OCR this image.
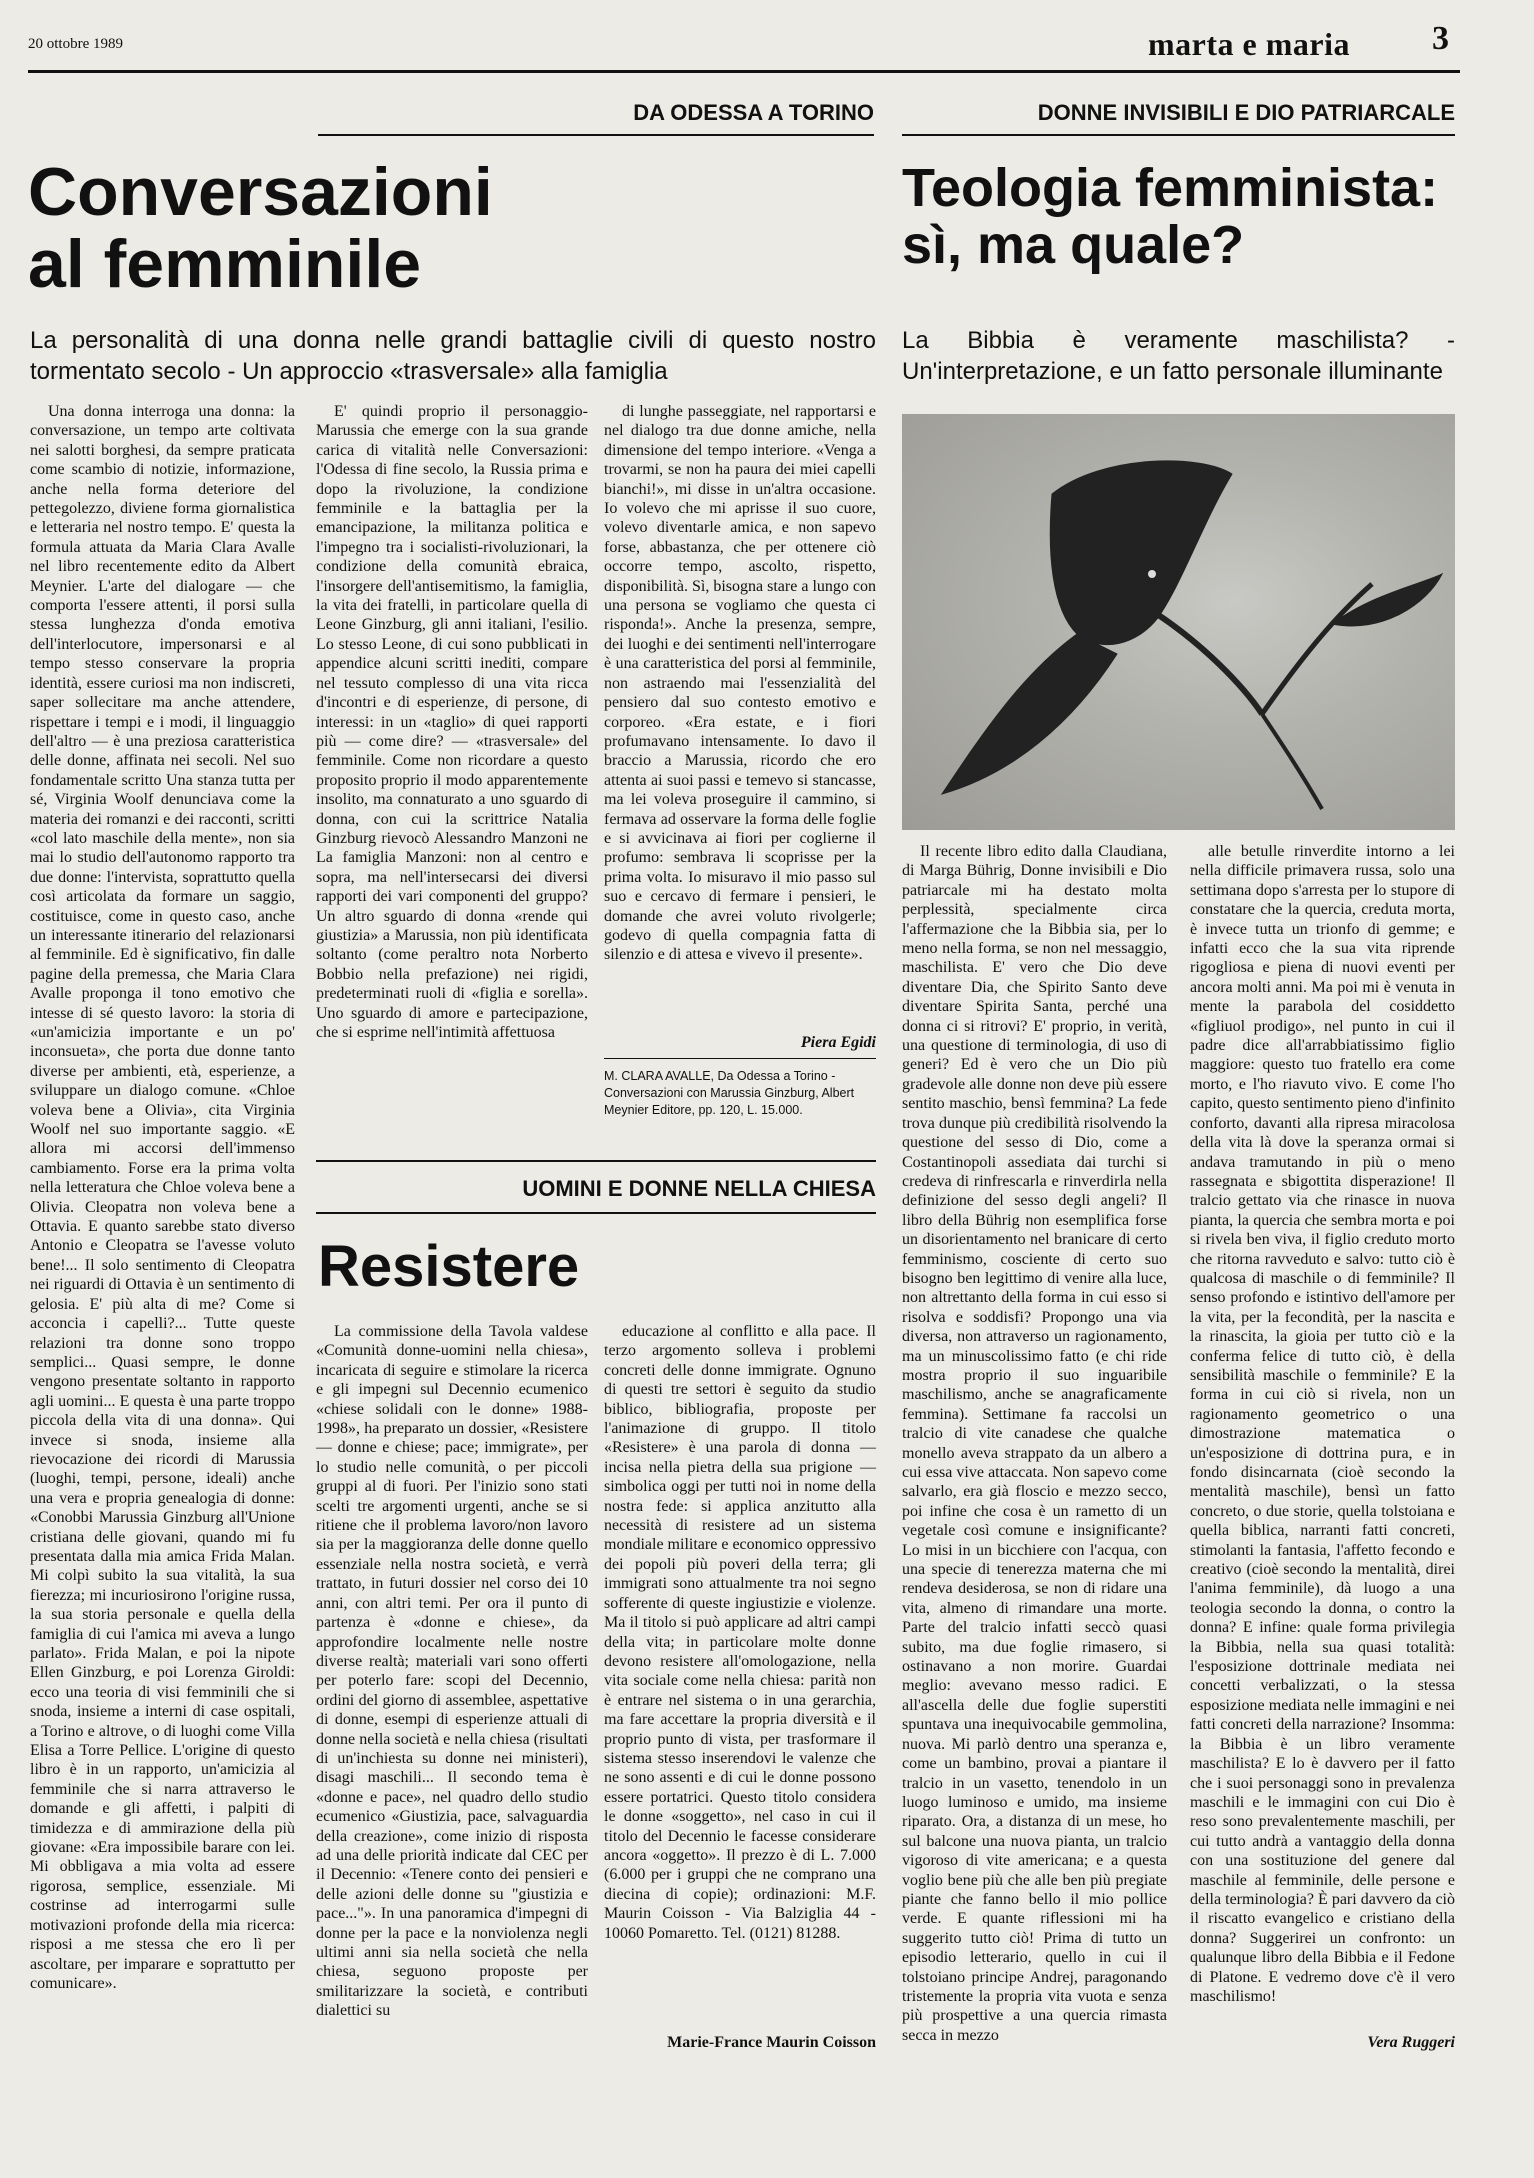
20 ottobre 1989	marta e maria 3
DA ODESSA A TORINO
Conversazioni
al femminile
La personalità di una donna nelle grandi battaglie civili di questo nostro tormentato secolo - Un approccio «trasversale» alla famiglia

Una donna interroga una donna: la conversazione, un tempo arte coltivata nei salotti borghesi, da sempre praticata come scambio di notizie, informazione, anche nella forma deteriore del pettegolezzo, diviene forma giornalistica e letteraria nel nostro tempo. E' questa la formula attuata da Maria Clara Avalle nel libro recentemente edito da Albert Meynier. L'arte del dialogare — che comporta l'essere attenti, il porsi sulla stessa lunghezza d'onda emotiva dell'interlocutore, impersonarsi e al tempo stesso conservare la propria identità, essere curiosi ma non indiscreti, saper sollecitare ma anche attendere, rispettare i tempi e i modi, il linguaggio dell'altro — è una preziosa caratteristica delle donne, affinata nei secoli. Nel suo fondamentale scritto Una stanza tutta per sé, Virginia Woolf denunciava come la materia dei romanzi e dei racconti, scritti «col lato maschile della mente», non sia mai lo studio dell'autonomo rapporto tra due donne: l'intervista, soprattutto quella così articolata da formare un saggio, costituisce, come in questo caso, anche un interessante itinerario del relazionarsi al femminile. Ed è significativo, fin dalle pagine della premessa, che Maria Clara Avalle proponga il tono emotivo che intesse di sé questo lavoro: la storia di «un'amicizia importante e un po' inconsueta», che porta due donne tanto diverse per ambienti, età, esperienze, a sviluppare un dialogo comune. «Chloe voleva bene a Olivia», cita Virginia Woolf nel suo importante saggio. «E allora mi accorsi dell'immenso cambiamento. Forse era la prima volta nella letteratura che Chloe voleva bene a Olivia. Cleopatra non voleva bene a Ottavia. E quanto sarebbe stato diverso Antonio e Cleopatra se l'avesse voluto bene!... Il solo sentimento di Cleopatra nei riguardi di Ottavia è un sentimento di gelosia. E' più alta di me? Come si acconcia i capelli?... Tutte queste relazioni tra donne sono troppo semplici... Quasi sempre, le donne vengono presentate soltanto in rapporto agli uomini... E questa è una parte troppo piccola della vita di una donna». Qui invece si snoda, insieme alla rievocazione dei ricordi di Marussia (luoghi, tempi, persone, ideali) anche una vera e propria genealogia di donne: «Conobbi Marussia Ginzburg all'Unione cristiana delle giovani, quando mi fu presentata dalla mia amica Frida Malan. Mi colpì subito la sua vitalità, la sua fierezza; mi incuriosirono l'origine russa, la sua storia personale e quella della famiglia di cui l'amica mi aveva a lungo parlato». Frida Malan, e poi la nipote Ellen Ginzburg, e poi Lorenza Giroldi: ecco una teoria di visi femminili che si snoda, insieme a interni di case ospitali, a Torino e altrove, o di luoghi come Villa Elisa a Torre Pellice. L'origine di questo libro è in un rapporto, un'amicizia al femminile che si narra attraverso le domande e gli affetti, i palpiti di timidezza e di ammirazione della più giovane: «Era impossibile barare con lei. Mi obbligava a mia volta ad essere rigorosa, semplice, essenziale. Mi costrinse ad interrogarmi sulle motivazioni profonde della mia ricerca: risposi a me stessa che ero lì per ascoltare, per imparare e soprattutto per comunicare».

E' quindi proprio il personaggio-Marussia che emerge con la sua grande carica di vitalità nelle Conversazioni: l'Odessa di fine secolo, la Russia prima e dopo la rivoluzione, la condizione femminile e la battaglia per la emancipazione, la militanza politica e l'impegno tra i socialisti-rivoluzionari, la condizione della comunità ebraica, l'insorgere dell'antisemitismo, la famiglia, la vita dei fratelli, in particolare quella di Leone Ginzburg, gli anni italiani, l'esilio. Lo stesso Leone, di cui sono pubblicati in appendice alcuni scritti inediti, compare nel tessuto complesso di una vita ricca d'incontri e di esperienze, di persone, di interessi: in un «taglio» di quei rapporti più — come dire? — «trasversale» del femminile. Come non ricordare a questo proposito proprio il modo apparentemente insolito, ma connaturato a uno sguardo di donna, con cui la scrittrice Natalia Ginzburg rievocò Alessandro Manzoni ne La famiglia Manzoni: non al centro e sopra, ma nell'intersecarsi dei diversi rapporti dei vari componenti del gruppo? Un altro sguardo di donna «rende qui giustizia» a Marussia, non più identificata soltanto (come peraltro nota Norberto Bobbio nella prefazione) nei rigidi, predeterminati ruoli di «figlia e sorella». Uno sguardo di amore e partecipazione, che si esprime nell'intimità affettuosa

di lunghe passeggiate, nel rapportarsi e nel dialogo tra due donne amiche, nella dimensione del tempo interiore. «Venga a trovarmi, se non ha paura dei miei capelli bianchi!», mi disse in un'altra occasione. Io volevo che mi aprisse il suo cuore, volevo diventarle amica, e non sapevo forse, abbastanza, che per ottenere ciò occorre tempo, ascolto, rispetto, disponibilità. Sì, bisogna stare a lungo con una persona se vogliamo che questa ci risponda!». Anche la presenza, sempre, dei luoghi e dei sentimenti nell'interrogare è una caratteristica del porsi al femminile, non astraendo mai l'essenzialità del pensiero dal suo contesto emotivo e corporeo. «Era estate, e i fiori profumavano intensamente. Io davo il braccio a Marussia, ricordo che ero attenta ai suoi passi e temevo si stancasse, ma lei voleva proseguire il cammino, si fermava ad osservare la forma delle foglie e si avvicinava ai fiori per coglierne il profumo: sembrava li scoprisse per la prima volta. Io misuravo il mio passo sul suo e cercavo di fermare i pensieri, le domande che avrei voluto rivolgerle; godevo di quella compagnia fatta di silenzio e di attesa e vivevo il presente».

Piera Egidi
M. CLARA AVALLE, Da Odessa a Torino - Conversazioni con Marussia Ginzburg, Albert Meynier Editore, pp. 120, L. 15.000.
UOMINI E DONNE NELLA CHIESA
Resistere

La commissione della Tavola valdese «Comunità donne-uomini nella chiesa», incaricata di seguire e stimolare la ricerca e gli impegni sul Decennio ecumenico «chiese solidali con le donne» 1988-1998», ha preparato un dossier, «Resistere — donne e chiese; pace; immigrate», per lo studio nelle comunità, o per piccoli gruppi al di fuori. Per l'inizio sono stati scelti tre argomenti urgenti, anche se si ritiene che il problema lavoro/non lavoro sia per la maggioranza delle donne quello essenziale nella nostra società, e verrà trattato, in futuri dossier nel corso dei 10 anni, con altri temi. Per ora il punto di partenza è «donne e chiese», da approfondire localmente nelle nostre diverse realtà; materiali vari sono offerti per poterlo fare: scopi del Decennio, ordini del giorno di assemblee, aspettative di donne, esempi di esperienze attuali di donne nella società e nella chiesa (risultati di un'inchiesta su donne nei ministeri), disagi maschili... Il secondo tema è «donne e pace», nel quadro dello studio ecumenico «Giustizia, pace, salvaguardia della creazione», come inizio di risposta ad una delle priorità indicate dal CEC per il Decennio: «Tenere conto dei pensieri e delle azioni delle donne su "giustizia e pace..."». In una panoramica d'impegni di donne per la pace e la nonviolenza negli ultimi anni sia nella società che nella chiesa, seguono proposte per smilitarizzare la società, e contributi dialettici su

educazione al conflitto e alla pace. Il terzo argomento solleva i problemi concreti delle donne immigrate. Ognuno di questi tre settori è seguito da studio biblico, bibliografia, proposte per l'animazione di gruppo. Il titolo «Resistere» è una parola di donna — incisa nella pietra della sua prigione — simbolica oggi per tutti noi in nome della nostra fede: si applica anzitutto alla necessità di resistere ad un sistema mondiale militare e economico oppressivo dei popoli più poveri della terra; gli immigrati sono attualmente tra noi segno sofferente di queste ingiustizie e violenze. Ma il titolo si può applicare ad altri campi della vita; in particolare molte donne devono resistere all'omologazione, nella vita sociale come nella chiesa: parità non è entrare nel sistema o in una gerarchia, ma fare accettare la propria diversità e il proprio punto di vista, per trasformare il sistema stesso inserendovi le valenze che ne sono assenti e di cui le donne possono essere portatrici. Questo titolo considera le donne «soggetto», nel caso in cui il titolo del Decennio le facesse considerare ancora «oggetto». Il prezzo è di L. 7.000 (6.000 per i gruppi che ne comprano una diecina di copie); ordinazioni: M.F. Maurin Coisson - Via Balziglia 44 - 10060 Pomaretto. Tel. (0121) 81288.

Marie-France Maurin Coisson
DONNE INVISIBILI E DIO PATRIARCALE
Teologia femminista:
sì, ma quale?
La Bibbia è veramente maschilista? - Un'interpretazione, e un fatto personale illuminante

Il recente libro edito dalla Claudiana, di Marga Bührig, Donne invisibili e Dio patriarcale mi ha destato molta perplessità, specialmente circa l'affermazione che la Bibbia sia, per lo meno nella forma, se non nel messaggio, maschilista. E' vero che Dio deve diventare Dia, che Spirito Santo deve diventare Spirita Santa, perché una donna ci si ritrovi? E' proprio, in verità, una questione di terminologia, di uso di generi? Ed è vero che un Dio più gradevole alle donne non deve più essere sentito maschio, bensì femmina? La fede trova dunque più credibilità risolvendo la questione del sesso di Dio, come a Costantinopoli assediata dai turchi si credeva di rinfrescarla e rinverdirla nella definizione del sesso degli angeli? Il libro della Bührig non esemplifica forse un disorientamento nel branicare di certo femminismo, cosciente di certo suo bisogno ben legittimo di venire alla luce, non altrettanto della forma in cui esso si risolva e soddisfi? Propongo una via diversa, non attraverso un ragionamento, ma un minuscolissimo fatto (e chi ride mostra proprio il suo inguaribile maschilismo, anche se anagraficamente femmina). Settimane fa raccolsi un tralcio di vite canadese che qualche monello aveva strappato da un albero a cui essa vive attaccata. Non sapevo come salvarlo, era già floscio e mezzo secco, poi infine che cosa è un rametto di un vegetale così comune e insignificante? Lo misi in un bicchiere con l'acqua, con una specie di tenerezza materna che mi rendeva desiderosa, se non di ridare una vita, almeno di rimandare una morte. Parte del tralcio infatti seccò quasi subito, ma due foglie rimasero, si ostinavano a non morire. Guardai meglio: avevano messo radici. E all'ascella delle due foglie superstiti spuntava una inequivocabile gemmolina, nuova. Mi parlò dentro una speranza e, come un bambino, provai a piantare il tralcio in un vasetto, tenendolo in un luogo luminoso e umido, ma insieme riparato. Ora, a distanza di un mese, ho sul balcone una nuova pianta, un tralcio vigoroso di vite americana; e a questa voglio bene più che alle ben più pregiate piante che fanno bello il mio pollice verde. E quante riflessioni mi ha suggerito tutto ciò! Prima di tutto un episodio letterario, quello in cui il tolstoiano principe Andrej, paragonando tristemente la propria vita vuota e senza più prospettive a una quercia rimasta secca in mezzo

alle betulle rinverdite intorno a lei nella difficile primavera russa, solo una settimana dopo s'arresta per lo stupore di constatare che la quercia, creduta morta, è invece tutta un trionfo di gemme; e infatti ecco che la sua vita riprende rigogliosa e piena di nuovi eventi per ancora molti anni. Ma poi mi è venuta in mente la parabola del cosiddetto «figliuol prodigo», nel punto in cui il padre dice all'arrabbiatissimo figlio maggiore: questo tuo fratello era come morto, e l'ho riavuto vivo. E come l'ho capito, questo sentimento pieno d'infinito conforto, davanti alla ripresa miracolosa della vita là dove la speranza ormai si andava tramutando in più o meno rassegnata e sbigottita disperazione! Il tralcio gettato via che rinasce in nuova pianta, la quercia che sembra morta e poi si rivela ben viva, il figlio creduto morto che ritorna ravveduto e salvo: tutto ciò è qualcosa di maschile o di femminile? Il senso profondo e istintivo dell'amore per la vita, per la fecondità, per la nascita e la rinascita, la gioia per tutto ciò e la conferma felice di tutto ciò, è della sensibilità maschile o femminile? E la forma in cui ciò si rivela, non un ragionamento geometrico o una dimostrazione matematica o un'esposizione di dottrina pura, e in fondo disincarnata (cioè secondo la mentalità maschile), bensì un fatto concreto, o due storie, quella tolstoiana e quella biblica, narranti fatti concreti, stimolanti la fantasia, l'affetto fecondo e creativo (cioè secondo la mentalità, direi l'anima femminile), dà luogo a una teologia secondo la donna, o contro la donna? E infine: quale forma privilegia la Bibbia, nella sua quasi totalità: l'esposizione dottrinale mediata nei concetti verbalizzati, o la stessa esposizione mediata nelle immagini e nei fatti concreti della narrazione? Insomma: la Bibbia è un libro veramente maschilista? E lo è davvero per il fatto che i suoi personaggi sono in prevalenza maschili e le immagini con cui Dio è reso sono prevalentemente maschili, per cui tutto andrà a vantaggio della donna con una sostituzione del genere dal maschile al femminile, delle persone e della terminologia? È pari davvero da ciò il riscatto evangelico e cristiano della donna? Suggerirei un confronto: un qualunque libro della Bibbia e il Fedone di Platone. E vedremo dove c'è il vero maschilismo!

Vera Ruggeri
